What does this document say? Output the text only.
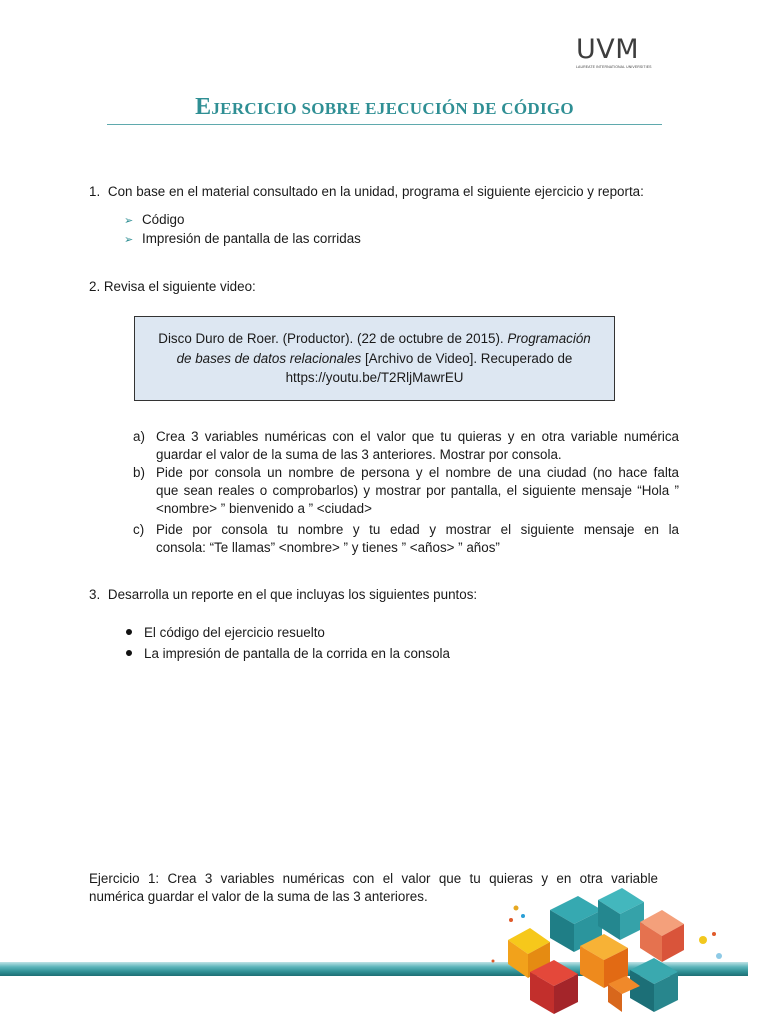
UVM
LAUREATE INTERNATIONAL UNIVERSITIES
EJERCICIO SOBRE EJECUCIÓN DE CÓDIGO
1. Con base en el material consultado en la unidad, programa el siguiente ejercicio y reporta:
➢ Código
➢ Impresión de pantalla de las corridas
2. Revisa el siguiente video:
Disco Duro de Roer. (Productor). (22 de octubre de 2015). Programación
de bases de datos relacionales [Archivo de Video]. Recuperado de
https://youtu.be/T2RljMawrEU
a) Crea 3 variables numéricas con el valor que tu quieras y en otra variable numérica
guardar el valor de la suma de las 3 anteriores. Mostrar por consola.
b) Pide por consola un nombre de persona y el nombre de una ciudad (no hace falta
que sean reales o comprobarlos) y mostrar por pantalla, el siguiente mensaje “Hola ”
<nombre> ” bienvenido a ” <ciudad>
c) Pide por consola tu nombre y tu edad y mostrar el siguiente mensaje en la
consola: “Te llamas” <nombre> ” y tienes ” <años> ” años”
3. Desarrolla un reporte en el que incluyas los siguientes puntos:
El código del ejercicio resuelto
La impresión de pantalla de la corrida en la consola
Ejercicio 1: Crea 3 variables numéricas con el valor que tu quieras y en otra variable
numérica guardar el valor de la suma de las 3 anteriores.
